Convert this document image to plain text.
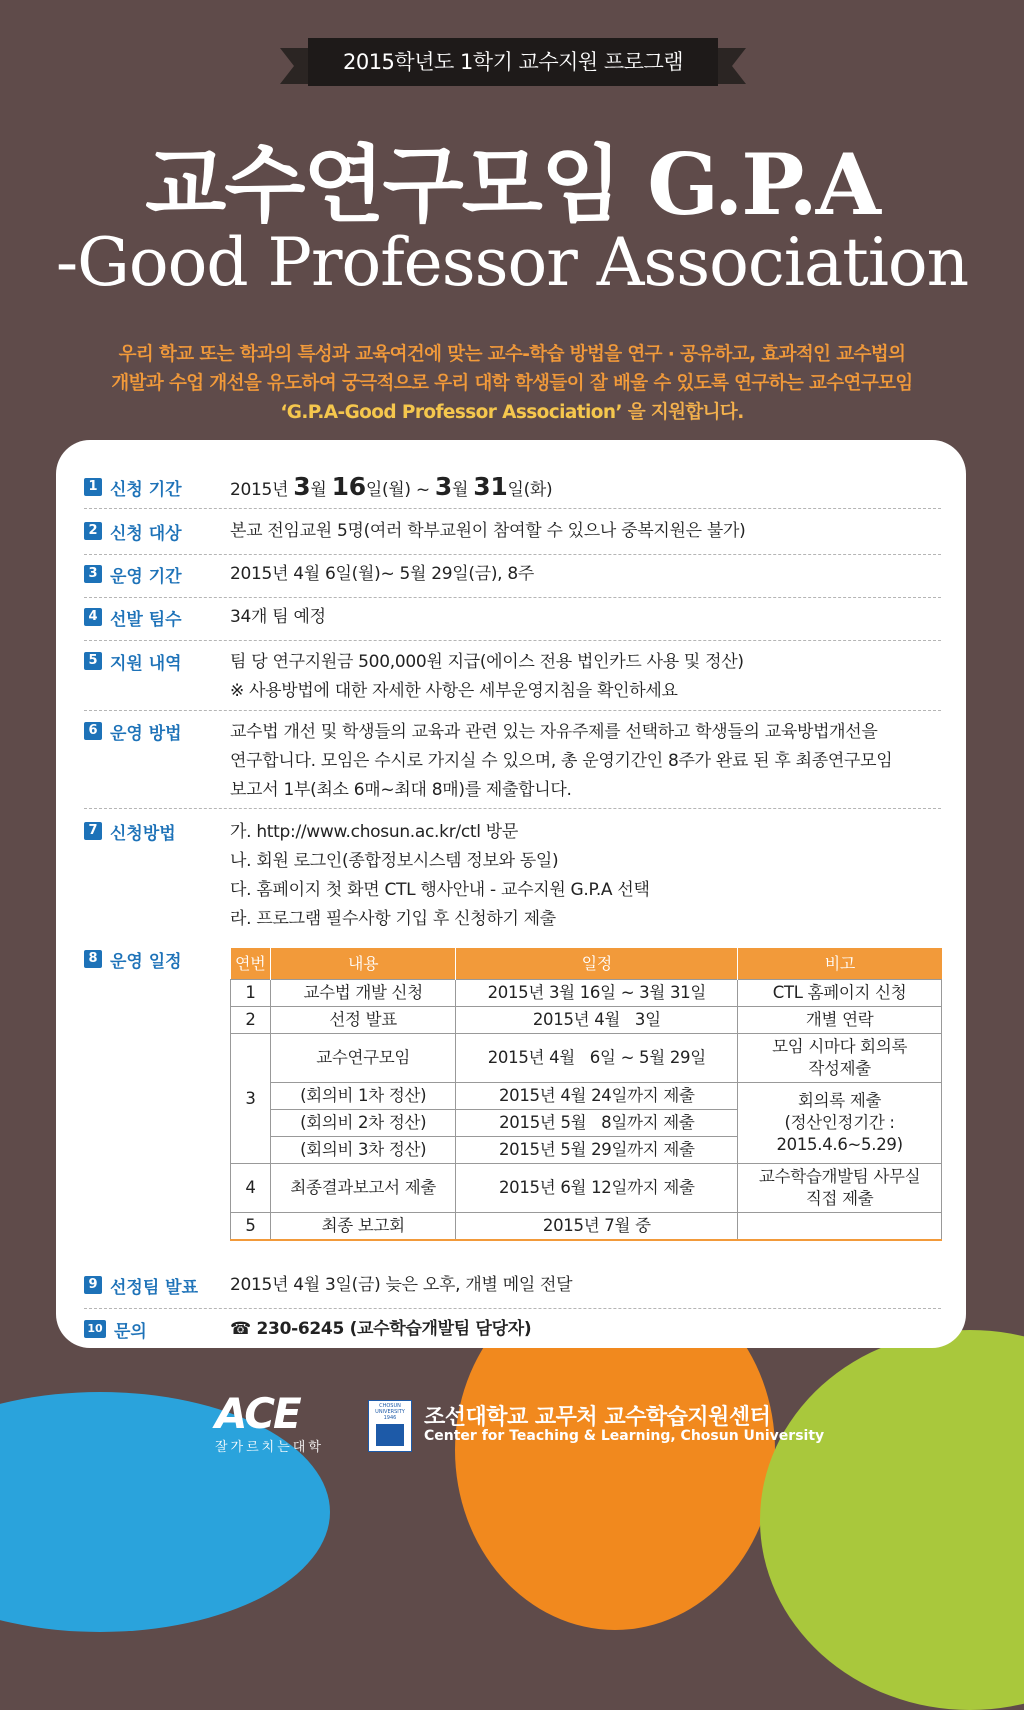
2015학년도 1학기 교수지원 프로그램
교수연구모임 G.P.A
-Good Professor Association
우리 학교 또는 학과의 특성과 교육여건에 맞는 교수-학습 방법을 연구 · 공유하고, 효과적인 교수법의
개발과 수업 개선을 유도하여 궁극적으로 우리 대학 학생들이 잘 배울 수 있도록 연구하는 교수연구모임
‘G.P.A-Good Professor Association’ 을 지원합니다.
1 신청 기간	2015년 3월 16일(월) ~ 3월 31일(화)
2 신청 대상	본교 전임교원 5명(여러 학부교원이 참여할 수 있으나 중복지원은 불가)
3 운영 기간	2015년 4월 6일(월)~ 5월 29일(금), 8주
4 선발 팀수	34개 팀 예정
5 지원 내역	팀 당 연구지원금 500,000원 지급(에이스 전용 법인카드 사용 및 정산)
※ 사용방법에 대한 자세한 사항은 세부운영지침을 확인하세요
6 운영 방법	교수법 개선 및 학생들의 교육과 관련 있는 자유주제를 선택하고 학생들의 교육방법개선을
연구합니다. 모임은 수시로 가지실 수 있으며, 총 운영기간인 8주가 완료 된 후 최종연구모임
보고서 1부(최소 6매~최대 8매)를 제출합니다.
7 신청방법	가. http://www.chosun.ac.kr/ctl 방문
나. 회원 로그인(종합정보시스템 정보와 동일)
다. 홈페이지 첫 화면 CTL 행사안내 - 교수지원 G.P.A 선택
라. 프로그램 필수사항 기입 후 신청하기 제출
8 운영 일정	연번	내용	일정	비고
1	교수법 개발 신청	2015년 3월 16일 ~ 3월 31일	CTL 홈페이지 신청
2	선정 발표	2015년 4월   3일	개별 연락
3	교수연구모임	2015년 4월   6일 ~ 5월 29일	모임 시마다 회의록
작성제출

	(회의비 1차 정산)	2015년 4월 24일까지 제출	회의록 제출
(정산인정기간 :
2015.4.6~5.29)

	(회의비 2차 정산)	2015년 5월   8일까지 제출	
	(회의비 3차 정산)	2015년 5월 29일까지 제출	
4	최종결과보고서 제출	2015년 6월 12일까지 제출	교수학습개발팀 사무실
직접 제출

5	최종 보고회	2015년 7월 중	
9 선정팀 발표 2015년 4월 3일(금) 늦은 오후, 개별 메일 전달
10 문의	☎ 230-6245 (교수학습개발팀 담당자)
ACE
잘가르치는대학
CHOSUN UNIVERSITY 1946	조선대학교 교무처 교수학습지원센터
Center for Teaching & Learning, Chosun University
